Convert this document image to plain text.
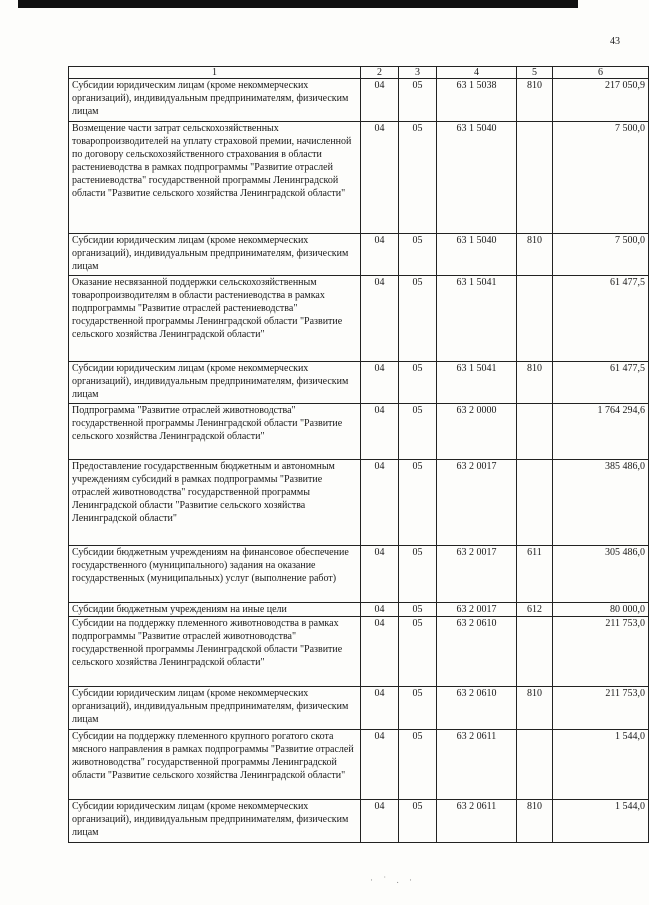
43
1	2	3	4	5	6
Субсидии юридическим лицам (кроме некоммерческих организаций), индивидуальным предпринимателям, физическим лицам	04	05	63 1 5038	810	217 050,9
Возмещение части затрат сельскохозяйственных товаропроизводителей на уплату страховой премии, начисленной по договору сельскохозяйственного страхования в области растениеводства в рамках подпрограммы "Развитие отраслей растениеводства" государственной программы Ленинградской области "Развитие сельского хозяйства Ленинградской области"	04	05	63 1 5040		7 500,0
Субсидии юридическим лицам (кроме некоммерческих организаций), индивидуальным предпринимателям, физическим лицам	04	05	63 1 5040	810	7 500,0
Оказание несвязанной поддержки сельскохозяйственным товаропроизводителям в области растениеводства в рамках подпрограммы "Развитие отраслей растениеводства" государственной программы Ленинградской области "Развитие сельского хозяйства Ленинградской области"	04	05	63 1 5041		61 477,5
Субсидии юридическим лицам (кроме некоммерческих организаций), индивидуальным предпринимателям, физическим лицам	04	05	63 1 5041	810	61 477,5
Подпрограмма "Развитие отраслей животноводства" государственной программы Ленинградской области "Развитие сельского хозяйства Ленинградской области"	04	05	63 2 0000		1 764 294,6
Предоставление государственным бюджетным и автономным учреждениям субсидий в рамках подпрограммы "Развитие отраслей животноводства" государственной программы Ленинградской области "Развитие сельского хозяйства Ленинградской области"	04	05	63 2 0017		385 486,0
Субсидии бюджетным учреждениям на финансовое обеспечение государственного (муниципального) задания на оказание государственных (муниципальных) услуг (выполнение работ)	04	05	63 2 0017	611	305 486,0
Субсидии бюджетным учреждениям на иные цели	04	05	63 2 0017	612	80 000,0
Субсидии на поддержку племенного животноводства в рамках подпрограммы "Развитие отраслей животноводства" государственной программы Ленинградской области "Развитие сельского хозяйства Ленинградской области"	04	05	63 2 0610		211 753,0
Субсидии юридическим лицам (кроме некоммерческих организаций), индивидуальным предпринимателям, физическим лицам	04	05	63 2 0610	810	211 753,0
Субсидии на поддержку племенного крупного рогатого скота мясного направления в рамках подпрограммы "Развитие отраслей животноводства" государственной программы Ленинградской области "Развитие сельского хозяйства Ленинградской области"	04	05	63 2 0611		1 544,0
Субсидии юридическим лицам (кроме некоммерческих организаций), индивидуальным предпринимателям, физическим лицам	04	05	63 2 0611	810	1 544,0
· ˙ . ·
